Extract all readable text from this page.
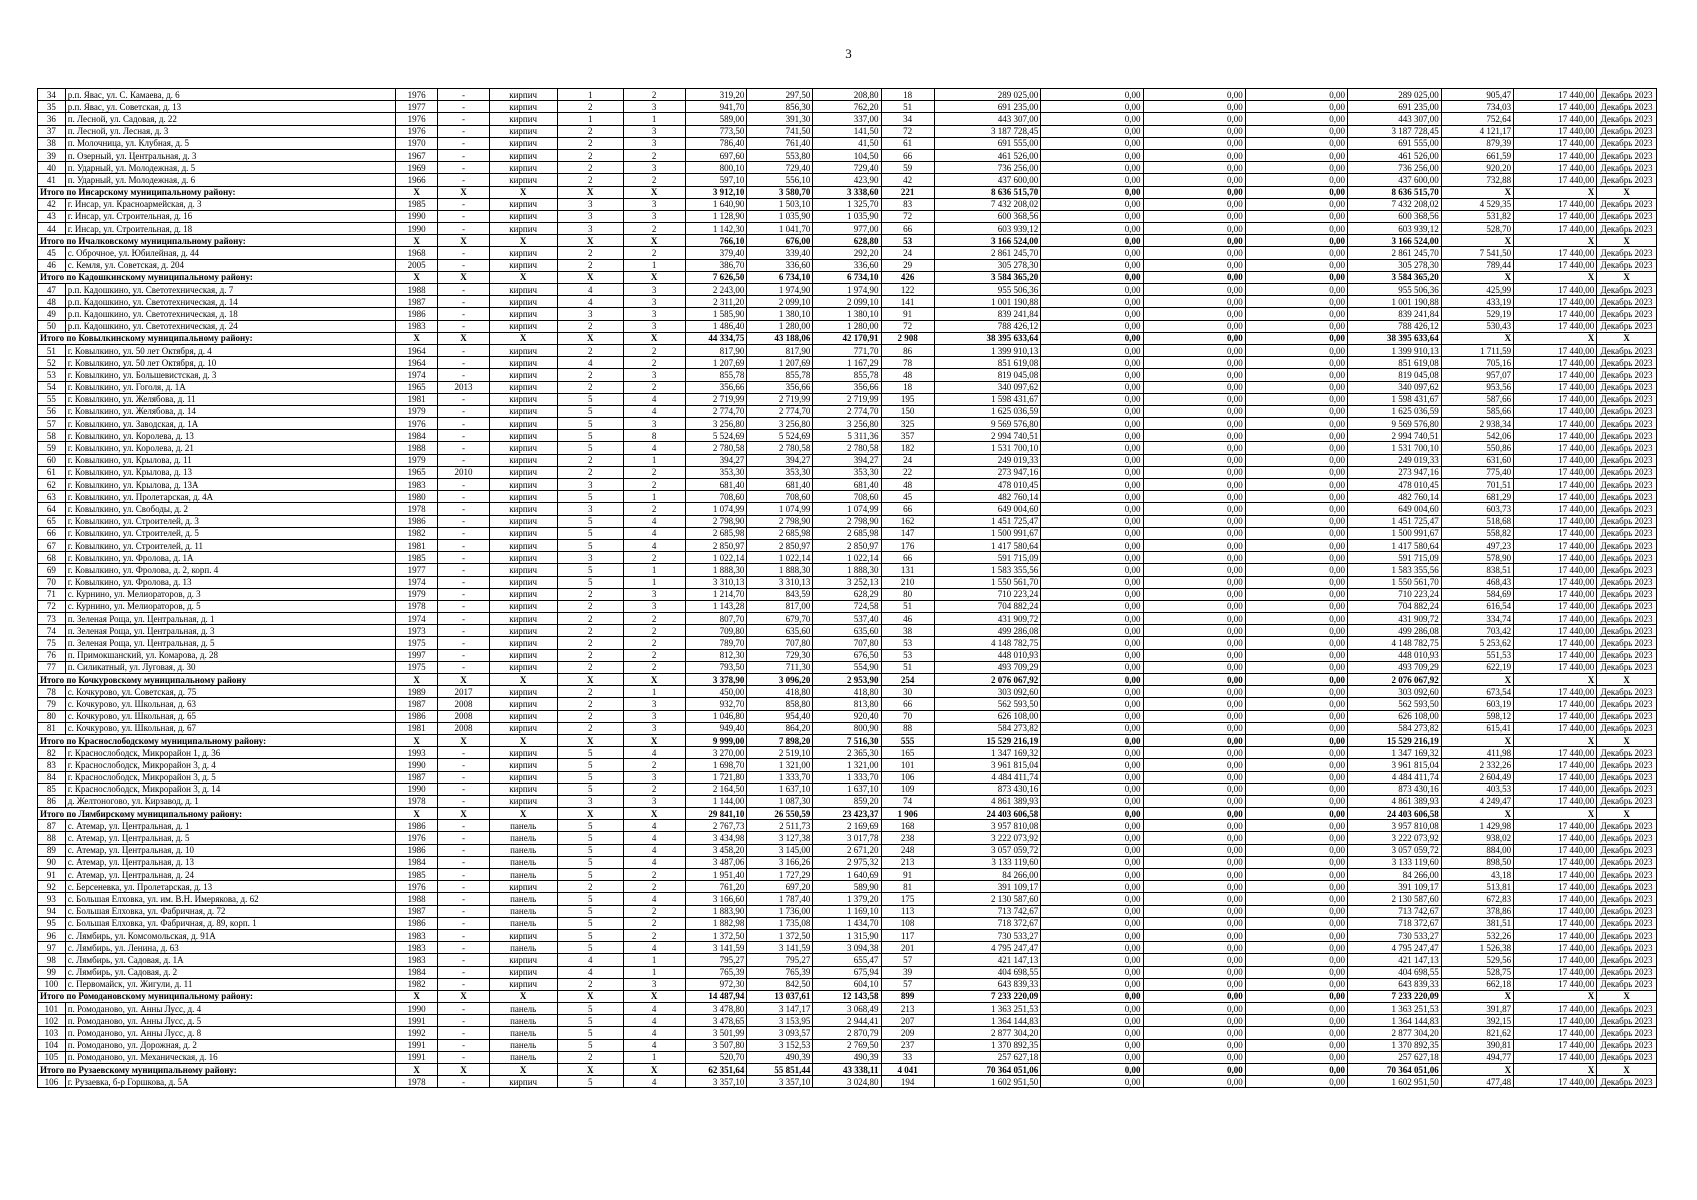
3
34	р.п. Явас, ул. С. Камаева, д. 6	1976	-	кирпич	1	2	319,20	297,50	208,80	18	289 025,00	0,00	0,00	0,00	289 025,00	905,47	17 440,00	Декабрь 2023
35	р.п. Явас, ул. Советская, д. 13	1977	-	кирпич	2	3	941,70	856,30	762,20	51	691 235,00	0,00	0,00	0,00	691 235,00	734,03	17 440,00	Декабрь 2023
36	п. Лесной, ул. Садовая, д. 22	1976	-	кирпич	1	1	589,00	391,30	337,00	34	443 307,00	0,00	0,00	0,00	443 307,00	752,64	17 440,00	Декабрь 2023
37	п. Лесной, ул. Лесная, д. 3	1976	-	кирпич	2	3	773,50	741,50	141,50	72	3 187 728,45	0,00	0,00	0,00	3 187 728,45	4 121,17	17 440,00	Декабрь 2023
38	п. Молочница, ул. Клубная, д. 5	1970	-	кирпич	2	3	786,40	761,40	41,50	61	691 555,00	0,00	0,00	0,00	691 555,00	879,39	17 440,00	Декабрь 2023
39	п. Озерный, ул. Центральная, д. 3	1967	-	кирпич	2	2	697,60	553,80	104,50	66	461 526,00	0,00	0,00	0,00	461 526,00	661,59	17 440,00	Декабрь 2023
40	п. Ударный, ул. Молодежная, д. 5	1969	-	кирпич	2	3	800,10	729,40	729,40	59	736 256,00	0,00	0,00	0,00	736 256,00	920,20	17 440,00	Декабрь 2023
41	п. Ударный, ул. Молодежная, д. 6	1966	-	кирпич	2	2	597,10	556,10	423,90	42	437 600,00	0,00	0,00	0,00	437 600,00	732,88	17 440,00	Декабрь 2023
Итого по Инсарскому муниципальному району:		X	X	X	X	X	3 912,10	3 580,70	3 338,60	221	8 636 515,70	0,00	0,00	0,00	8 636 515,70	X	X	X
42	г. Инсар, ул. Красноармейская, д. 3	1985	-	кирпич	3	3	1 640,90	1 503,10	1 325,70	83	7 432 208,02	0,00	0,00	0,00	7 432 208,02	4 529,35	17 440,00	Декабрь 2023
43	г. Инсар, ул. Строительная, д. 16	1990	-	кирпич	3	3	1 128,90	1 035,90	1 035,90	72	600 368,56	0,00	0,00	0,00	600 368,56	531,82	17 440,00	Декабрь 2023
44	г. Инсар, ул. Строительная, д. 18	1990	-	кирпич	3	2	1 142,30	1 041,70	977,00	66	603 939,12	0,00	0,00	0,00	603 939,12	528,70	17 440,00	Декабрь 2023
Итого по Ичалковскому муниципальному району:		X	X	X	X	X	766,10	676,00	628,80	53	3 166 524,00	0,00	0,00	0,00	3 166 524,00	X	X	X
45	с. Оброчное, ул. Юбилейная, д. 44	1968	-	кирпич	2	2	379,40	339,40	292,20	24	2 861 245,70	0,00	0,00	0,00	2 861 245,70	7 541,50	17 440,00	Декабрь 2023
46	с. Кемля, ул. Советская, д. 204	2005	-	кирпич	2	1	386,70	336,60	336,60	29	305 278,30	0,00	0,00	0,00	305 278,30	789,44	17 440,00	Декабрь 2023
Итого по Кадошкинскому муниципальному району:		X	X	X	X	X	7 626,50	6 734,10	6 734,10	426	3 584 365,20	0,00	0,00	0,00	3 584 365,20	X	X	X
47	р.п. Кадошкино, ул. Светотехническая, д. 7	1988	-	кирпич	4	3	2 243,00	1 974,90	1 974,90	122	955 506,36	0,00	0,00	0,00	955 506,36	425,99	17 440,00	Декабрь 2023
48	р.п. Кадошкино, ул. Светотехническая, д. 14	1987	-	кирпич	4	3	2 311,20	2 099,10	2 099,10	141	1 001 190,88	0,00	0,00	0,00	1 001 190,88	433,19	17 440,00	Декабрь 2023
49	р.п. Кадошкино, ул. Светотехническая, д. 18	1986	-	кирпич	3	3	1 585,90	1 380,10	1 380,10	91	839 241,84	0,00	0,00	0,00	839 241,84	529,19	17 440,00	Декабрь 2023
50	р.п. Кадошкино, ул. Светотехническая, д. 24	1983	-	кирпич	2	3	1 486,40	1 280,00	1 280,00	72	788 426,12	0,00	0,00	0,00	788 426,12	530,43	17 440,00	Декабрь 2023
Итого по Ковылкинскому муниципальному району:		X	X	X	X	X	44 334,75	43 188,06	42 170,91	2 908	38 395 633,64	0,00	0,00	0,00	38 395 633,64	X	X	X
51	г. Ковылкино, ул. 50 лет Октября, д. 4	1964	-	кирпич	2	2	817,90	817,90	771,70	86	1 399 910,13	0,00	0,00	0,00	1 399 910,13	1 711,59	17 440,00	Декабрь 2023
52	г. Ковылкино, ул. 50 лет Октября, д. 10	1964	-	кирпич	4	2	1 207,69	1 207,69	1 167,29	78	851 619,08	0,00	0,00	0,00	851 619,08	705,16	17 440,00	Декабрь 2023
53	г. Ковылкино, ул. Большевистская, д. 3	1974	-	кирпич	2	3	855,78	855,78	855,78	48	819 045,08	0,00	0,00	0,00	819 045,08	957,07	17 440,00	Декабрь 2023
54	г. Ковылкино, ул. Гоголя, д. 1А	1965	2013	кирпич	2	2	356,66	356,66	356,66	18	340 097,62	0,00	0,00	0,00	340 097,62	953,56	17 440,00	Декабрь 2023
55	г. Ковылкино, ул. Желябова, д. 11	1981	-	кирпич	5	4	2 719,99	2 719,99	2 719,99	195	1 598 431,67	0,00	0,00	0,00	1 598 431,67	587,66	17 440,00	Декабрь 2023
56	г. Ковылкино, ул. Желябова, д. 14	1979	-	кирпич	5	4	2 774,70	2 774,70	2 774,70	150	1 625 036,59	0,00	0,00	0,00	1 625 036,59	585,66	17 440,00	Декабрь 2023
57	г. Ковылкино, ул. Заводская, д. 1А	1976	-	кирпич	5	3	3 256,80	3 256,80	3 256,80	325	9 569 576,80	0,00	0,00	0,00	9 569 576,80	2 938,34	17 440,00	Декабрь 2023
58	г. Ковылкино, ул. Королева, д. 13	1984	-	кирпич	5	8	5 524,69	5 524,69	5 311,36	357	2 994 740,51	0,00	0,00	0,00	2 994 740,51	542,06	17 440,00	Декабрь 2023
59	г. Ковылкино, ул. Королева, д. 21	1988	-	кирпич	5	4	2 780,58	2 780,58	2 780,58	182	1 531 700,10	0,00	0,00	0,00	1 531 700,10	550,86	17 440,00	Декабрь 2023
60	г. Ковылкино, ул. Крылова, д. 11	1979	-	кирпич	2	1	394,27	394,27	394,27	24	249 019,33	0,00	0,00	0,00	249 019,33	631,60	17 440,00	Декабрь 2023
61	г. Ковылкино, ул. Крылова, д. 13	1965	2010	кирпич	2	2	353,30	353,30	353,30	22	273 947,16	0,00	0,00	0,00	273 947,16	775,40	17 440,00	Декабрь 2023
62	г. Ковылкино, ул. Крылова, д. 13А	1983	-	кирпич	3	2	681,40	681,40	681,40	48	478 010,45	0,00	0,00	0,00	478 010,45	701,51	17 440,00	Декабрь 2023
63	г. Ковылкино, ул. Пролетарская, д. 4А	1980	-	кирпич	5	1	708,60	708,60	708,60	45	482 760,14	0,00	0,00	0,00	482 760,14	681,29	17 440,00	Декабрь 2023
64	г. Ковылкино, ул. Свободы, д. 2	1978	-	кирпич	3	2	1 074,99	1 074,99	1 074,99	66	649 004,60	0,00	0,00	0,00	649 004,60	603,73	17 440,00	Декабрь 2023
65	г. Ковылкино, ул. Строителей, д. 3	1986	-	кирпич	5	4	2 798,90	2 798,90	2 798,90	162	1 451 725,47	0,00	0,00	0,00	1 451 725,47	518,68	17 440,00	Декабрь 2023
66	г. Ковылкино, ул. Строителей, д. 5	1982	-	кирпич	5	4	2 685,98	2 685,98	2 685,98	147	1 500 991,67	0,00	0,00	0,00	1 500 991,67	558,82	17 440,00	Декабрь 2023
67	г. Ковылкино, ул. Строителей, д. 11	1981	-	кирпич	5	4	2 850,97	2 850,97	2 850,97	176	1 417 580,64	0,00	0,00	0,00	1 417 580,64	497,23	17 440,00	Декабрь 2023
68	г. Ковылкино, ул. Фролова, д. 1А	1985	-	кирпич	3	2	1 022,14	1 022,14	1 022,14	66	591 715,09	0,00	0,00	0,00	591 715,09	578,90	17 440,00	Декабрь 2023
69	г. Ковылкино, ул. Фролова, д. 2, корп. 4	1977	-	кирпич	5	1	1 888,30	1 888,30	1 888,30	131	1 583 355,56	0,00	0,00	0,00	1 583 355,56	838,51	17 440,00	Декабрь 2023
70	г. Ковылкино, ул. Фролова, д. 13	1974	-	кирпич	5	1	3 310,13	3 310,13	3 252,13	210	1 550 561,70	0,00	0,00	0,00	1 550 561,70	468,43	17 440,00	Декабрь 2023
71	с. Курнино, ул. Мелиораторов, д. 3	1979	-	кирпич	2	3	1 214,70	843,59	628,29	80	710 223,24	0,00	0,00	0,00	710 223,24	584,69	17 440,00	Декабрь 2023
72	с. Курнино, ул. Мелиораторов, д. 5	1978	-	кирпич	2	3	1 143,28	817,00	724,58	51	704 882,24	0,00	0,00	0,00	704 882,24	616,54	17 440,00	Декабрь 2023
73	п. Зеленая Роща, ул. Центральная, д. 1	1974	-	кирпич	2	2	807,70	679,70	537,40	46	431 909,72	0,00	0,00	0,00	431 909,72	334,74	17 440,00	Декабрь 2023
74	п. Зеленая Роща, ул. Центральная, д. 3	1973	-	кирпич	2	2	709,80	635,60	635,60	38	499 286,08	0,00	0,00	0,00	499 286,08	703,42	17 440,00	Декабрь 2023
75	п. Зеленая Роща, ул. Центральная, д. 5	1975	-	кирпич	2	2	789,70	707,80	707,80	53	4 148 782,75	0,00	0,00	0,00	4 148 782,75	5 253,62	17 440,00	Декабрь 2023
76	п. Примокшанский, ул. Комарова, д. 28	1997	-	кирпич	2	2	812,30	729,30	676,50	53	448 010,93	0,00	0,00	0,00	448 010,93	551,53	17 440,00	Декабрь 2023
77	п. Силикатный, ул. Луговая, д. 30	1975	-	кирпич	2	2	793,50	711,30	554,90	51	493 709,29	0,00	0,00	0,00	493 709,29	622,19	17 440,00	Декабрь 2023
Итого по Кочкуровскому муниципальному району		X	X	X	X	X	3 378,90	3 096,20	2 953,90	254	2 076 067,92	0,00	0,00	0,00	2 076 067,92	X	X	X
78	с. Кочкурово, ул. Советская, д. 75	1989	2017	кирпич	2	1	450,00	418,80	418,80	30	303 092,60	0,00	0,00	0,00	303 092,60	673,54	17 440,00	Декабрь 2023
79	с. Кочкурово, ул. Школьная, д. 63	1987	2008	кирпич	2	3	932,70	858,80	813,80	66	562 593,50	0,00	0,00	0,00	562 593,50	603,19	17 440,00	Декабрь 2023
80	с. Кочкурово, ул. Школьная, д. 65	1986	2008	кирпич	2	3	1 046,80	954,40	920,40	70	626 108,00	0,00	0,00	0,00	626 108,00	598,12	17 440,00	Декабрь 2023
81	с. Кочкурово, ул. Школьная, д. 67	1981	2008	кирпич	2	3	949,40	864,20	800,90	88	584 273,82	0,00	0,00	0,00	584 273,82	615,41	17 440,00	Декабрь 2023
Итого по Краснослободскому муниципальному району:		X	X	X	X	X	9 999,00	7 898,20	7 516,30	555	15 529 216,19	0,00	0,00	0,00	15 529 216,19	X	X	X
82	г. Краснослободск, Микрорайон 1, д. 36	1993	-	кирпич	5	4	3 270,00	2 519,10	2 365,30	165	1 347 169,32	0,00	0,00	0,00	1 347 169,32	411,98	17 440,00	Декабрь 2023
83	г. Краснослободск, Микрорайон 3, д. 4	1990	-	кирпич	5	2	1 698,70	1 321,00	1 321,00	101	3 961 815,04	0,00	0,00	0,00	3 961 815,04	2 332,26	17 440,00	Декабрь 2023
84	г. Краснослободск, Микрорайон 3, д. 5	1987	-	кирпич	5	3	1 721,80	1 333,70	1 333,70	106	4 484 411,74	0,00	0,00	0,00	4 484 411,74	2 604,49	17 440,00	Декабрь 2023
85	г. Краснослободск, Микрорайон 3, д. 14	1990	-	кирпич	5	2	2 164,50	1 637,10	1 637,10	109	873 430,16	0,00	0,00	0,00	873 430,16	403,53	17 440,00	Декабрь 2023
86	д. Желтоногово, ул. Кирзавод, д. 1	1978	-	кирпич	3	3	1 144,00	1 087,30	859,20	74	4 861 389,93	0,00	0,00	0,00	4 861 389,93	4 249,47	17 440,00	Декабрь 2023
Итого по Лямбирскому муниципальному району:		X	X	X	X	X	29 841,10	26 550,59	23 423,37	1 906	24 403 606,58	0,00	0,00	0,00	24 403 606,58	X	X	X
87	с. Атемар, ул. Центральная, д. 1	1986	-	панель	5	4	2 767,73	2 511,73	2 169,69	168	3 957 810,08	0,00	0,00	0,00	3 957 810,08	1 429,98	17 440,00	Декабрь 2023
88	с. Атемар, ул. Центральная, д. 5	1976	-	панель	5	4	3 434,98	3 127,38	3 017,78	238	3 222 073,92	0,00	0,00	0,00	3 222 073,92	938,02	17 440,00	Декабрь 2023
89	с. Атемар, ул. Центральная, д. 10	1986	-	панель	5	4	3 458,20	3 145,00	2 671,20	248	3 057 059,72	0,00	0,00	0,00	3 057 059,72	884,00	17 440,00	Декабрь 2023
90	с. Атемар, ул. Центральная, д. 13	1984	-	панель	5	4	3 487,06	3 166,26	2 975,32	213	3 133 119,60	0,00	0,00	0,00	3 133 119,60	898,50	17 440,00	Декабрь 2023
91	с. Атемар, ул. Центральная, д. 24	1985	-	панель	5	2	1 951,40	1 727,29	1 640,69	91	84 266,00	0,00	0,00	0,00	84 266,00	43,18	17 440,00	Декабрь 2023
92	с. Берсеневка, ул. Пролетарская, д. 13	1976	-	кирпич	2	2	761,20	697,20	589,90	81	391 109,17	0,00	0,00	0,00	391 109,17	513,81	17 440,00	Декабрь 2023
93	с. Большая Елховка, ул. им. В.Н. Имерякова, д. 62	1988	-	панель	5	4	3 166,60	1 787,40	1 379,20	175	2 130 587,60	0,00	0,00	0,00	2 130 587,60	672,83	17 440,00	Декабрь 2023
94	с. Большая Елховка, ул. Фабричная, д. 72	1987	-	панель	5	2	1 883,90	1 736,00	1 169,10	113	713 742,67	0,00	0,00	0,00	713 742,67	378,86	17 440,00	Декабрь 2023
95	с. Большая Елховка, ул. Фабричная, д. 89, корп. 1	1986	-	панель	5	2	1 882,98	1 735,08	1 434,70	108	718 372,67	0,00	0,00	0,00	718 372,67	381,51	17 440,00	Декабрь 2023
96	с. Лямбирь, ул. Комсомольская, д. 91А	1983	-	кирпич	5	2	1 372,50	1 372,50	1 315,90	117	730 533,27	0,00	0,00	0,00	730 533,27	532,26	17 440,00	Декабрь 2023
97	с. Лямбирь, ул. Ленина, д. 63	1983	-	панель	5	4	3 141,59	3 141,59	3 094,38	201	4 795 247,47	0,00	0,00	0,00	4 795 247,47	1 526,38	17 440,00	Декабрь 2023
98	с. Лямбирь, ул. Садовая, д. 1А	1983	-	кирпич	4	1	795,27	795,27	655,47	57	421 147,13	0,00	0,00	0,00	421 147,13	529,56	17 440,00	Декабрь 2023
99	с. Лямбирь, ул. Садовая, д. 2	1984	-	кирпич	4	1	765,39	765,39	675,94	39	404 698,55	0,00	0,00	0,00	404 698,55	528,75	17 440,00	Декабрь 2023
100	с. Первомайск, ул. Жигули, д. 11	1982	-	кирпич	2	3	972,30	842,50	604,10	57	643 839,33	0,00	0,00	0,00	643 839,33	662,18	17 440,00	Декабрь 2023
Итого по Ромодановскому муниципальному району:		X	X	X	X	X	14 487,94	13 037,61	12 143,58	899	7 233 220,09	0,00	0,00	0,00	7 233 220,09	X	X	X
101	п. Ромоданово, ул. Анны Лусс, д. 4	1990	-	панель	5	4	3 478,80	3 147,17	3 068,49	213	1 363 251,53	0,00	0,00	0,00	1 363 251,53	391,87	17 440,00	Декабрь 2023
102	п. Ромоданово, ул. Анны Лусс, д. 5	1991	-	панель	5	4	3 478,65	3 153,95	2 944,41	207	1 364 144,83	0,00	0,00	0,00	1 364 144,83	392,15	17 440,00	Декабрь 2023
103	п. Ромоданово, ул. Анны Лусс, д. 8	1992	-	панель	5	4	3 501,99	3 093,57	2 870,79	209	2 877 304,20	0,00	0,00	0,00	2 877 304,20	821,62	17 440,00	Декабрь 2023
104	п. Ромоданово, ул. Дорожная, д. 2	1991	-	панель	5	4	3 507,80	3 152,53	2 769,50	237	1 370 892,35	0,00	0,00	0,00	1 370 892,35	390,81	17 440,00	Декабрь 2023
105	п. Ромоданово, ул. Механическая, д. 16	1991	-	панель	2	1	520,70	490,39	490,39	33	257 627,18	0,00	0,00	0,00	257 627,18	494,77	17 440,00	Декабрь 2023
Итого по Рузаевскому муниципальному району:		X	X	X	X	X	62 351,64	55 851,44	43 338,11	4 041	70 364 051,06	0,00	0,00	0,00	70 364 051,06	X	X	X
106	г. Рузаевка, б-р Горшкова, д. 5А	1978	-	кирпич	5	4	3 357,10	3 357,10	3 024,80	194	1 602 951,50	0,00	0,00	0,00	1 602 951,50	477,48	17 440,00	Декабрь 2023
